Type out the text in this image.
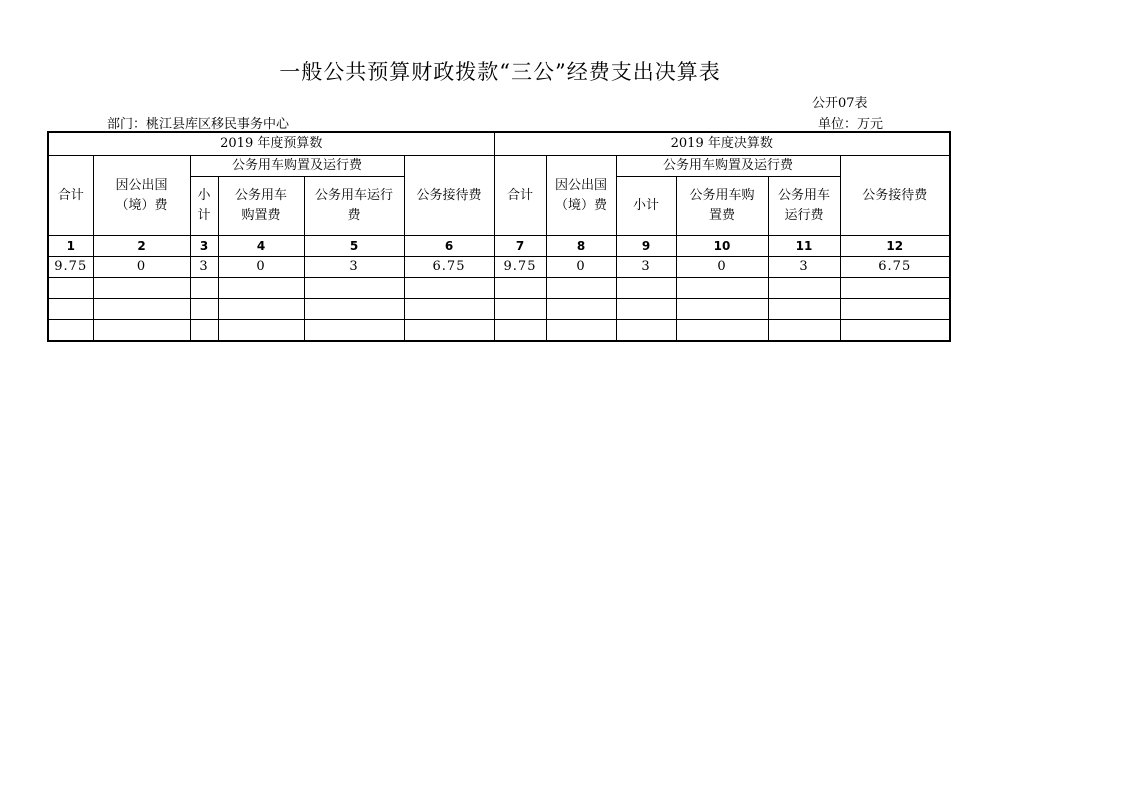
一般公共预算财政拨款“三公”经费支出决算表
公开07表
部门：桃江县库区移民事务中心	单位：万元
2019 年度预算数						2019 年度决算数					
合计	因公出国（境）费	公务用车购置及运行费			公务接待费	合计	因公出国（境）费	公务用车购置及运行费			公务接待费
		小计	公务用车购置费	公务用车运行费				小计	公务用车购置费	公务用车运行费	
1	2	3	4	5	6	7	8	9	10	11	12
9.75	0	3	0	3	6.75	9.75	0	3	0	3	6.75
